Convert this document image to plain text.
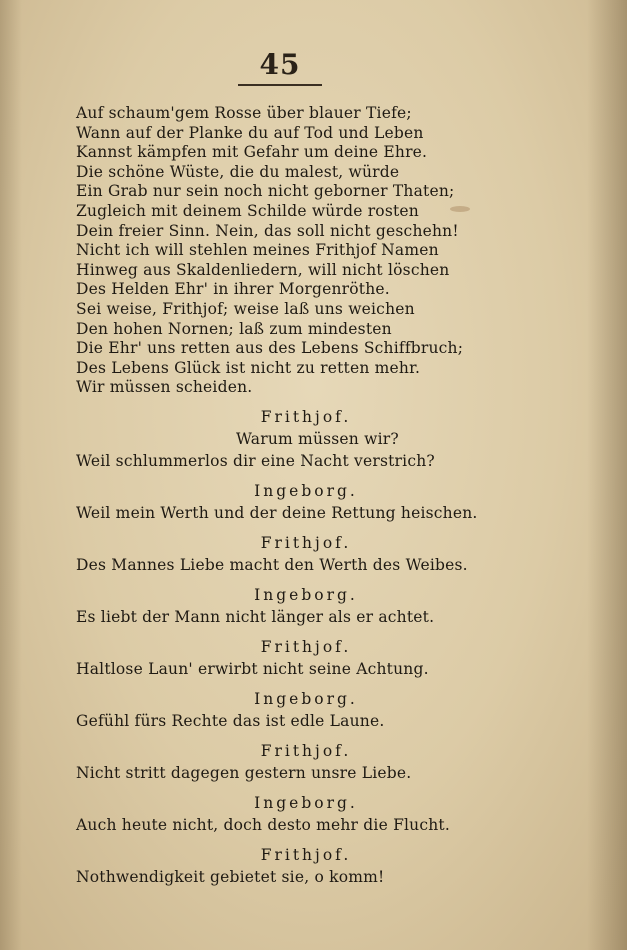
45
Auf schaum'gem Rosse über blauer Tiefe;
Wann auf der Planke du auf Tod und Leben
Kannst kämpfen mit Gefahr um deine Ehre.
Die schöne Wüste, die du malest, würde
Ein Grab nur sein noch nicht geborner Thaten;
Zugleich mit deinem Schilde würde rosten
Dein freier Sinn. Nein, das soll nicht geschehn!
Nicht ich will stehlen meines Frithjof Namen
Hinweg aus Skaldenliedern, will nicht löschen
Des Helden Ehr' in ihrer Morgenröthe.
Sei weise, Frithjof; weise laß uns weichen
Den hohen Nornen; laß zum mindesten
Die Ehr' uns retten aus des Lebens Schiffbruch;
Des Lebens Glück ist nicht zu retten mehr.
Wir müssen scheiden.
Frithjof.
Warum müssen wir?
Weil schlummerlos dir eine Nacht verstrich?
Ingeborg.
Weil mein Werth und der deine Rettung heischen.
Frithjof.
Des Mannes Liebe macht den Werth des Weibes.
Ingeborg.
Es liebt der Mann nicht länger als er achtet.
Frithjof.
Haltlose Laun' erwirbt nicht seine Achtung.
Ingeborg.
Gefühl fürs Rechte das ist edle Laune.
Frithjof.
Nicht stritt dagegen gestern unsre Liebe.
Ingeborg.
Auch heute nicht, doch desto mehr die Flucht.
Frithjof.
Nothwendigkeit gebietet sie, o komm!
